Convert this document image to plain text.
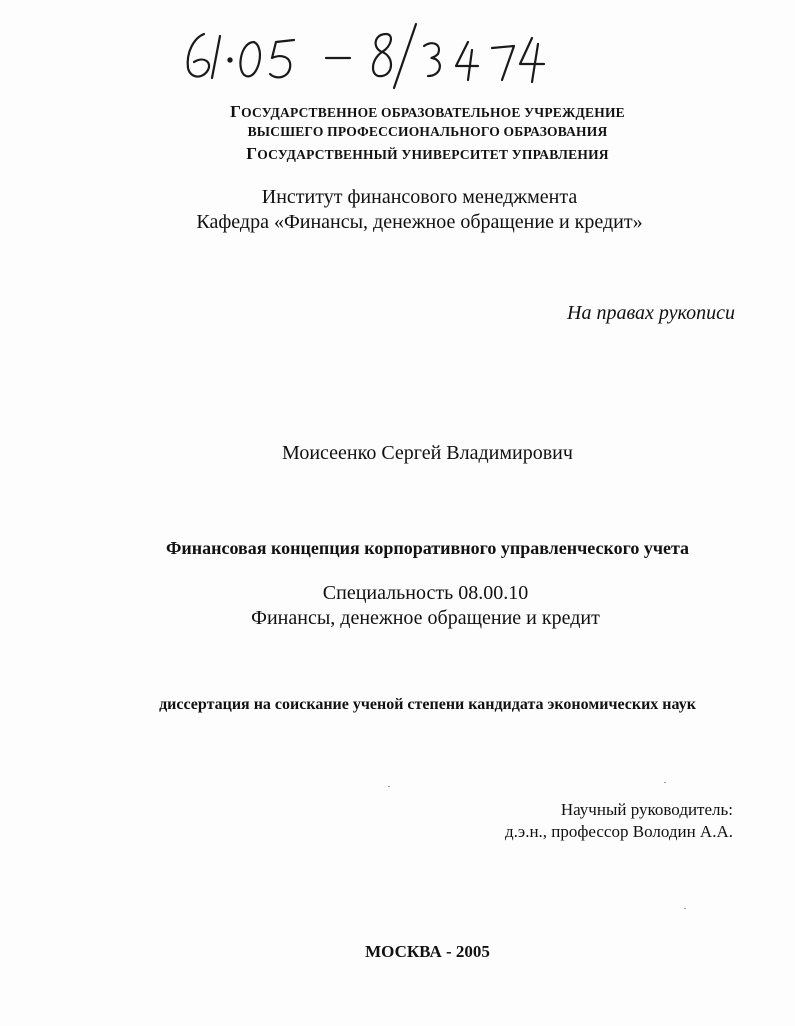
ГОСУДАРСТВЕННОЕ ОБРАЗОВАТЕЛЬНОЕ УЧРЕЖДЕНИЕ
ВЫСШЕГО ПРОФЕССИОНАЛЬНОГО ОБРАЗОВАНИЯ
ГОСУДАРСТВЕННЫЙ УНИВЕРСИТЕТ УПРАВЛЕНИЯ
Институт финансового менеджмента
Кафедра «Финансы, денежное обращение и кредит»
На правах рукописи
Моисеенко Сергей Владимирович
Финансовая концепция корпоративного управленческого учета
Специальность 08.00.10
Финансы, денежное обращение и кредит
диссертация на соискание ученой степени кандидата экономических наук
Научный руководитель:
д.э.н., профессор Володин А.А.
МОСКВА - 2005
